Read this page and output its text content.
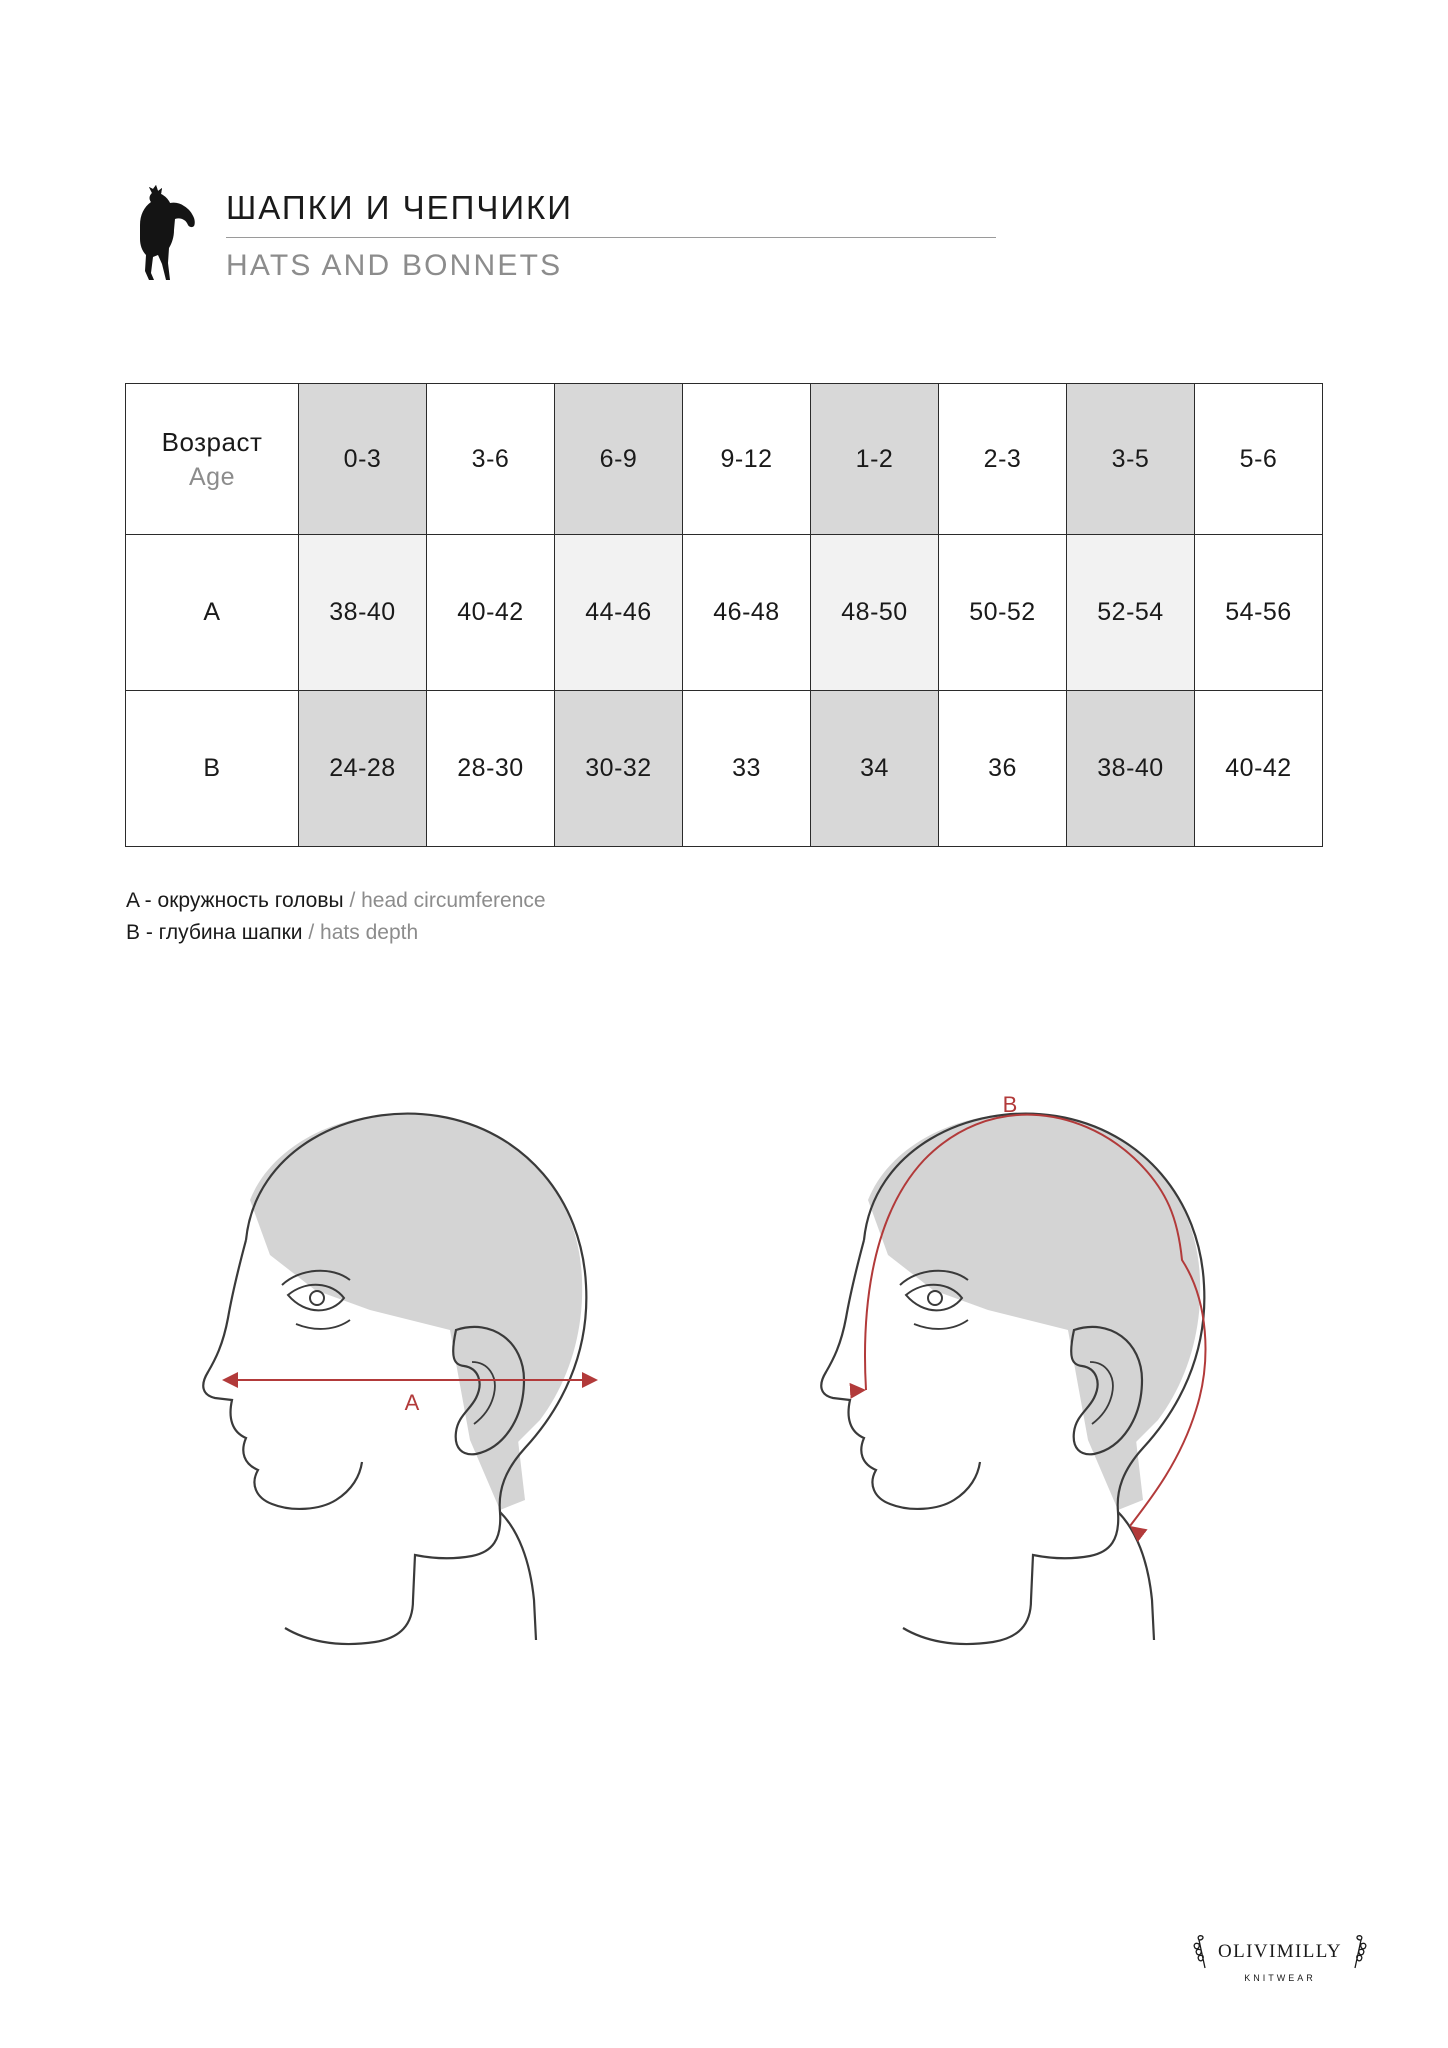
ШАПКИ И ЧЕПЧИКИ
HATS AND BONNETS
Возраст
Age	0-3	3-6	6-9	9-12	1-2	2-3	3-5	5-6
A	38-40	40-42	44-46	46-48	48-50	50-52	52-54	54-56
B	24-28	28-30	30-32	33	34	36	38-40	40-42
A - окружность головы / head circumference
B - глубина шапки / hats depth
A
B
OLIVIMILLY
KNITWEAR
